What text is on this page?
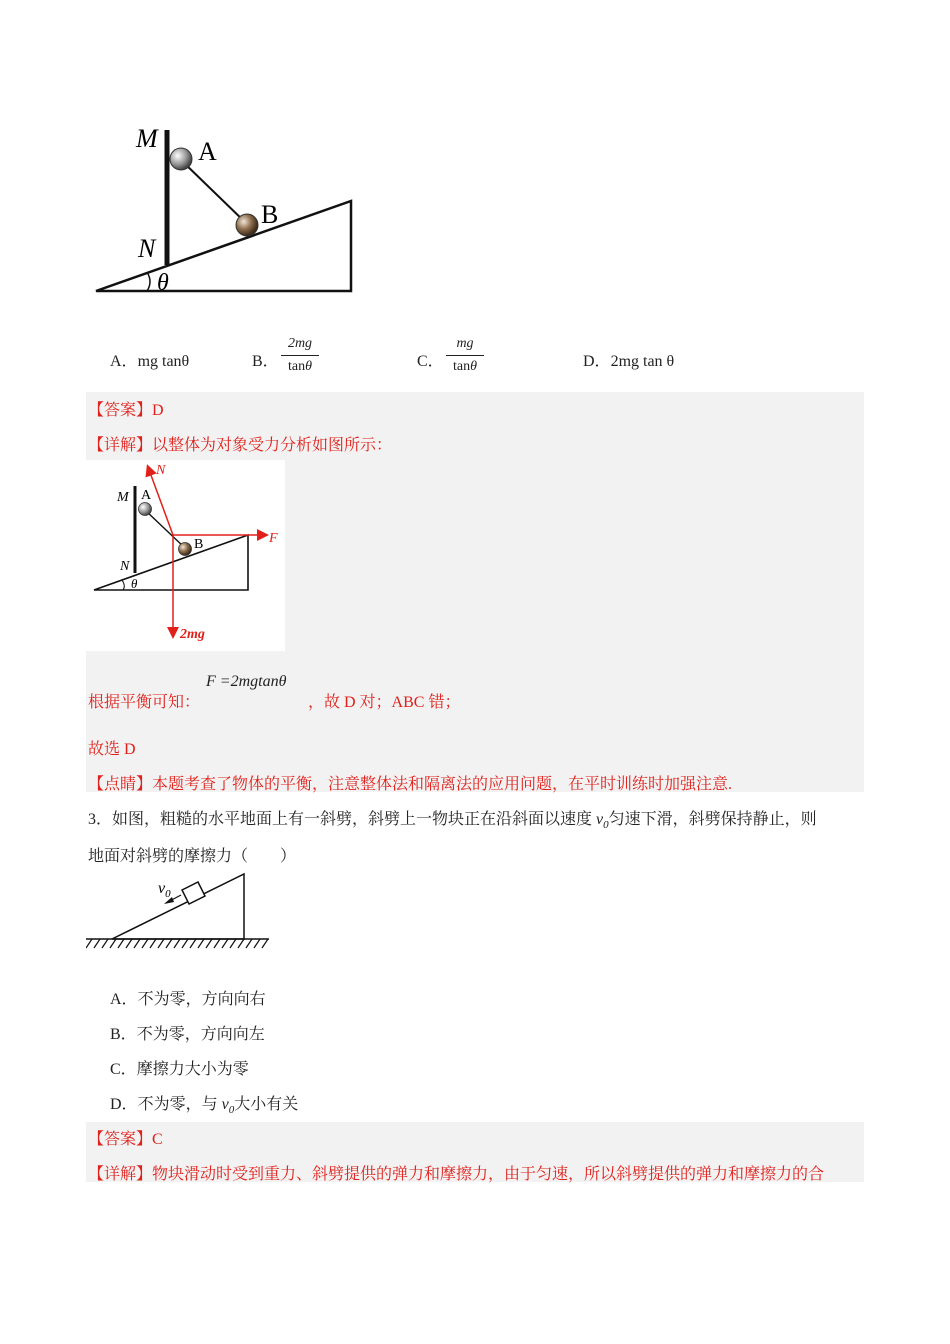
M A
B
N
θ
A．mg tanθ	B．
2mg
tanθ	C．
mg
tanθ	D．2mg tan θ
【答案】D
【详解】以整体为对象受力分析如图所示：
N
M A
B	F
N
θ
2mg
F =2mgtanθ
根据平衡可知：	，故 D 对；ABC 错；
故选 D
【点睛】本题考查了物体的平衡，注意整体法和隔离法的应用问题，在平时训练时加强注意.
3．如图，粗糙的水平地面上有一斜劈，斜劈上一物块正在沿斜面以速度 $v_0$匀速下滑，斜劈保持静止，则
地面对斜劈的摩擦力（　　）
$v_0$
A．不为零，方向向右
B．不为零，方向向左
C．摩擦力大小为零
D．不为零，与 $v_0$大小有关
【答案】C
【详解】物块滑动时受到重力、斜劈提供的弹力和摩擦力，由于匀速，所以斜劈提供的弹力和摩擦力的合
